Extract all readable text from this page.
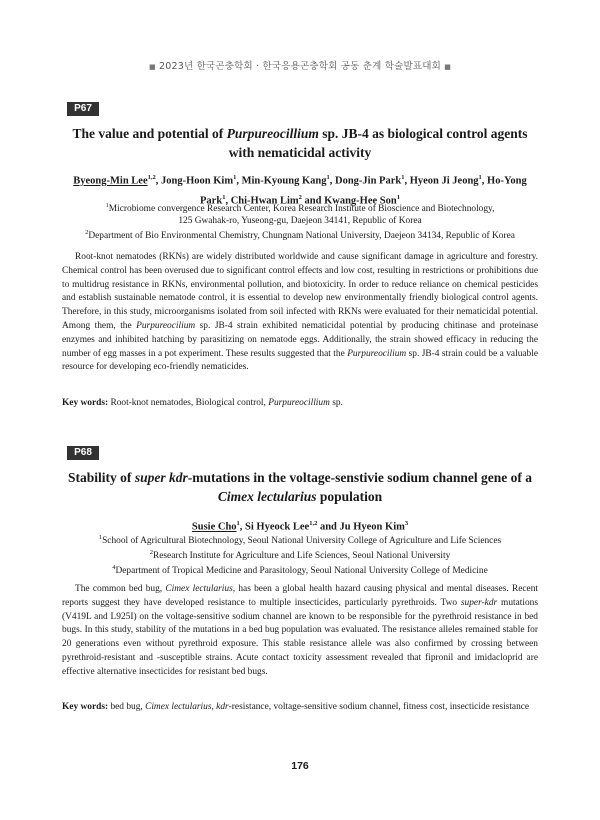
■ 2023년 한국곤충학회 · 한국응용곤충학회 공동 춘계 학술발표대회 ■
P67
The value and potential of Purpureocillium sp. JB-4 as biological control agents with nematicidal activity
Byeong-Min Lee$^{1,2}$, Jong-Hoon Kim$^1$, Min-Kyoung Kang$^1$, Dong-Jin Park$^1$, Hyeon Ji Jeong$^1$, Ho-Yong Park$^1$, Chi-Hwan Lim$^2$ and Kwang-Hee Son$^1$
$^1$Microbiome convergence Research Center, Korea Research Institute of Bioscience and Biotechnology,
125 Gwahak-ro, Yuseong-gu, Daejeon 34141, Republic of Korea
$^2$Department of Bio Environmental Chemistry, Chungnam National University, Daejeon 34134, Republic of Korea

Root-knot nematodes (RKNs) are widely distributed worldwide and cause significant damage in agriculture and forestry. Chemical control has been overused due to significant control effects and low cost, resulting in restrictions or prohibitions due to multidrug resistance in RKNs, environmental pollution, and biotoxicity. In order to reduce reliance on chemical pesticides and establish sustainable nematode control, it is essential to develop new environmentally friendly biological control agents. Therefore, in this study, microorganisms isolated from soil infected with RKNs were evaluated for their nematicidal potential. Among them, the Purpureocilium sp. JB-4 strain exhibited nematicidal potential by producing chitinase and proteinase enzymes and inhibited hatching by parasitizing on nematode eggs. Additionally, the strain showed efficacy in reducing the number of egg masses in a pot experiment. These results suggested that the Purpureocilium sp. JB-4 strain could be a valuable resource for developing eco-friendly nematicides.

Key words: Root-knot nematodes, Biological control, Purpureocillium sp.
P68
Stability of super kdr-mutations in the voltage-senstivie sodium channel gene of a Cimex lectularius population
Susie Cho$^1$, Si Hyeock Lee$^{1,2}$ and Ju Hyeon Kim$^3$
$^1$School of Agricultural Biotechnology, Seoul National University College of Agriculture and Life Sciences
$^2$Research Institute for Agriculture and Life Sciences, Seoul National University
$^4$Department of Tropical Medicine and Parasitology, Seoul National University College of Medicine

The common bed bug, Cimex lectularius, has been a global health hazard causing physical and mental diseases. Recent reports suggest they have developed resistance to multiple insecticides, particularly pyrethroids. Two super-kdr mutations (V419L and L925I) on the voltage-sensitive sodium channel are known to be responsible for the pyrethroid resistance in bed bugs. In this study, stability of the mutations in a bed bug population was evaluated. The resistance alleles remained stable for 20 generations even without pyrethroid exposure. This stable resistance allele was also confirmed by crossing between pyrethroid-resistant and -susceptible strains. Acute contact toxicity assessment revealed that fipronil and imidacloprid are effective alternative insecticides for resistant bed bugs.

Key words: bed bug, Cimex lectularius, kdr-resistance, voltage-sensitive sodium channel, fitness cost, insecticide resistance
176
